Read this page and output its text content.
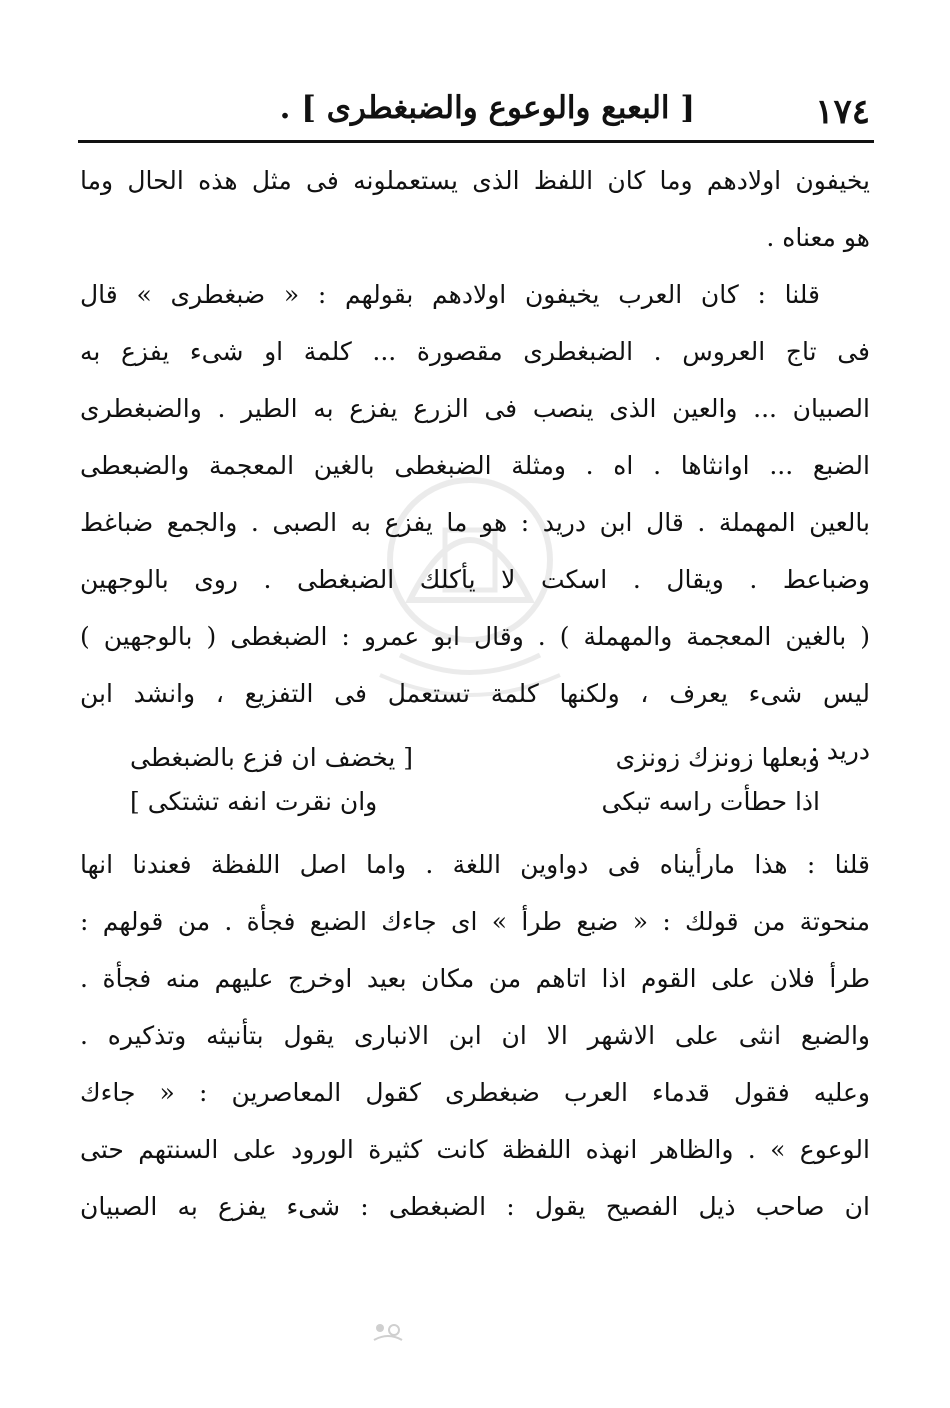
١٧٤
[ البعبع والوعوع والضبغطرى ] .
يخيفون اولادهم وما كان اللفظ الذى يستعملونه فى مثل هذه الحال وما
هو معناه .
قلنا : كان العرب يخيفون اولادهم بقولهم : « ضبغطرى » قال
فى تاج العروس . الضبغطرى مقصورة ... كلمة او شىء يفزع به
الصبيان ... والعين الذى ينصب فى الزرع يفزع به الطير . والضبغطرى
الضبع ... اوانثاها . اه . ومثلة الضبغطى بالغين المعجمة والضبعطى
بالعين المهملة . قال ابن دريد : هو ما يفزع به الصبى . والجمع ضباغط
وضباعط . ويقال . اسكت لا يأكلك الضبغطى . روى بالوجهين
( بالغين المعجمة والمهملة ) . وقال ابو عمرو : الضبغطى ( بالوجهين )
ليس شىء يعرف ، ولكنها كلمة تستعمل فى التفزيع ، وانشد ابن
دريد :
وبعلها زونزك زونزى
[ يخضف ان فزع بالضبغطى
اذا حطأت راسه تبكى
وان نقرت انفه تشتكى ]
قلنا : هذا مارأيناه فى دواوين اللغة . واما اصل اللفظة فعندنا انها
منحوتة من قولك : « ضبع طرأ » اى جاءك الضبع فجأة . من قولهم :
طرأ فلان على القوم اذا اتاهم من مكان بعيد اوخرج عليهم منه فجأة .
والضبع انثى على الاشهر الا ان ابن الانبارى يقول بتأنيثه وتذكيره .
وعليه فقول قدماء العرب ضبغطرى كقول المعاصرين : « جاءك
الوعوع » . والظاهر انهذه اللفظة كانت كثيرة الورود على السنتهم حتى
ان صاحب ذيل الفصيح يقول : الضبغطى : شىء يفزع به الصبيان
